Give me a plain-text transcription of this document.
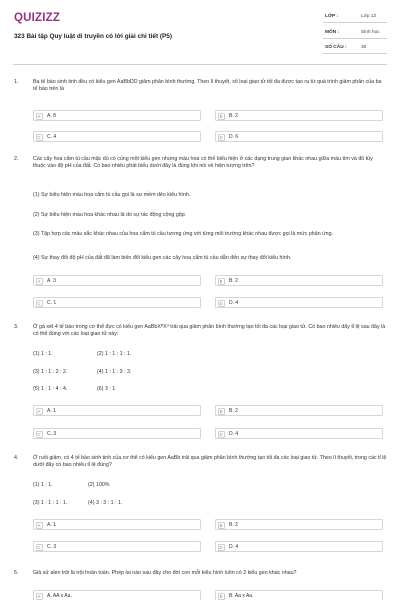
QUIZIZZ
323 Bài tập Quy luật di truyền có lời giải chi tiết (P5)
LỚP :	Lớp 12
MÔN :	Sinh học
SỐ CÂU :	30
1.	Ba tế bào sinh tinh đều có kiểu gen AaBbDD giảm phân bình thường. Theo lí thuyết, số loại giao tử tối đa được tạo ra từ quá trình giảm phân của ba tế bào trên là
A	A. 8	B	B. 2
C	C. 4	D	D. 6
2.	Các cây hoa cẩm tú cầu mặc dù có cùng một kiểu gen nhưng màu hoa có thể biểu hiện ở các dạng trung gian khác nhau giữa màu tím và đỏ tùy thuộc vào độ pH của đất. Có bao nhiêu phát biểu dưới đây là đúng khi nói về hiện tượng trên?
(1) Sự biểu hiện màu hoa cẩm tú cầu gọi là sự mềm dẻo kiểu hình.
(2) Sự biểu hiện màu hoa khác nhau là do sự tác động cộng gộp.
(3) Tập hợp các màu sắc khác nhau của hoa cẩm tú cầu tương ứng với từng môi trường khác nhau được gọi là mức phản ứng.
(4) Sự thay đổi độ pH của đất đã làm biến đổi kiểu gen các cây hoa cẩm tú cầu dẫn đến sự thay đổi kiểu hình.
A	A. 3	B	B. 2
C	C. 1	D	D. 4
3.	Ở gà xét 4 tế bào trong cơ thể đực có kiểu gen AaBbXᴰXᵈ trải qua giảm phân bình thường tạo tối đa các loại giao tử. Có bao nhiêu dãy tỉ lệ sau đây là có thể đúng với các loại giao tử này:
(1) 1 : 1.	(2) 1 : 1 : 1 : 1.
(3) 1 : 1 : 2 : 2.	(4) 1 : 1 : 3 : 3.
(5) 1 : 1 : 4 : 4.	(6) 3 : 1
A	A. 1	B	B. 2
C	C. 3	D	D. 4
4.	Ở ruồi giấm, có 4 tế bào sinh tinh của cơ thể có kiểu gen AaBb trải qua giảm phân bình thường tạo tối đa các loại giao tử. Theo lí thuyết, trong các tỉ lệ dưới đây có bao nhiêu tỉ lệ đúng?
(1) 1 : 1.	(2) 100%
(3) 1 : 1 : 1 : 1.	(4) 3 : 3 : 1 : 1.
A	A. 1	B	B. 2
C	C. 3	D	D. 4
5.	Giả sử alen trội là trội hoàn toàn. Phép lai nào sau đây cho đời con mỗi kiểu hình luôn có 2 kiểu gen khác nhau?
A	A. AA x Aa.	B	B. Aa x Aa.
